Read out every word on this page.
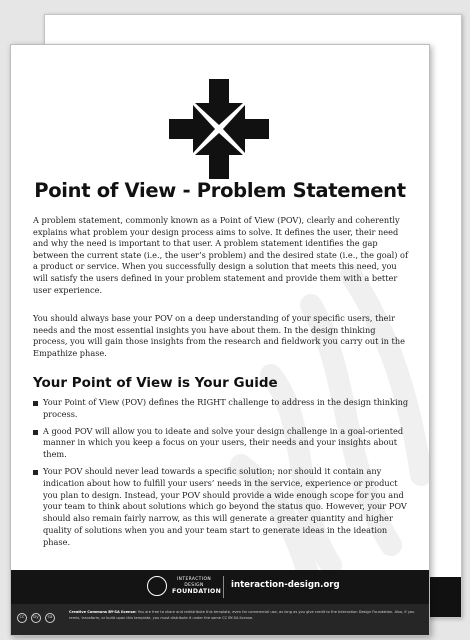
Point of View - Problem Statement

A problem statement, commonly known as a Point of View (POV), clearly and coherently explains what problem your design process aims to solve. It defines the user, their need and why the need is important to that user. A problem statement identifies the gap between the current state (i.e., the user’s problem) and the desired state (i.e., the goal) of a product or service. When you successfully design a solution that meets this need, you will satisfy the users defined in your problem statement and provide them with a better user experience.

You should always base your POV on a deep understanding of your specific users, their needs and the most essential insights you have about them. In the design thinking process, you will gain those insights from the research and fieldwork you carry out in the Empathize phase.

Your Point of View is Your Guide
Your Point of View (POV) defines the RIGHT challenge to address in the design thinking process.
A good POV will allow you to ideate and solve your design challenge in a goal-oriented manner in which you keep a focus on your users, their needs and your insights about them.
Your POV should never lead towards a specific solution; nor should it contain any indication about how to fulfill your users’ needs in the service, experience or product you plan to design. Instead, your POV should provide a wide enough scope for you and your team to think about solutions which go beyond the status quo. However, your POV should also remain fairly narrow, as this will generate a greater quantity and higher quality of solutions when you and your team start to generate ideas in the ideation phase.
INTERACTION DESIGN
FOUNDATION
interaction-design.org
cc	by	sa
Creative Commons BY-SA license: You are free to share and redistribute this template, even for commercial use, as long as you give credit to the Interaction Design Foundation. Also, if you remix, transform, or build upon this template, you must distribute it under the same CC BY-SA license.
